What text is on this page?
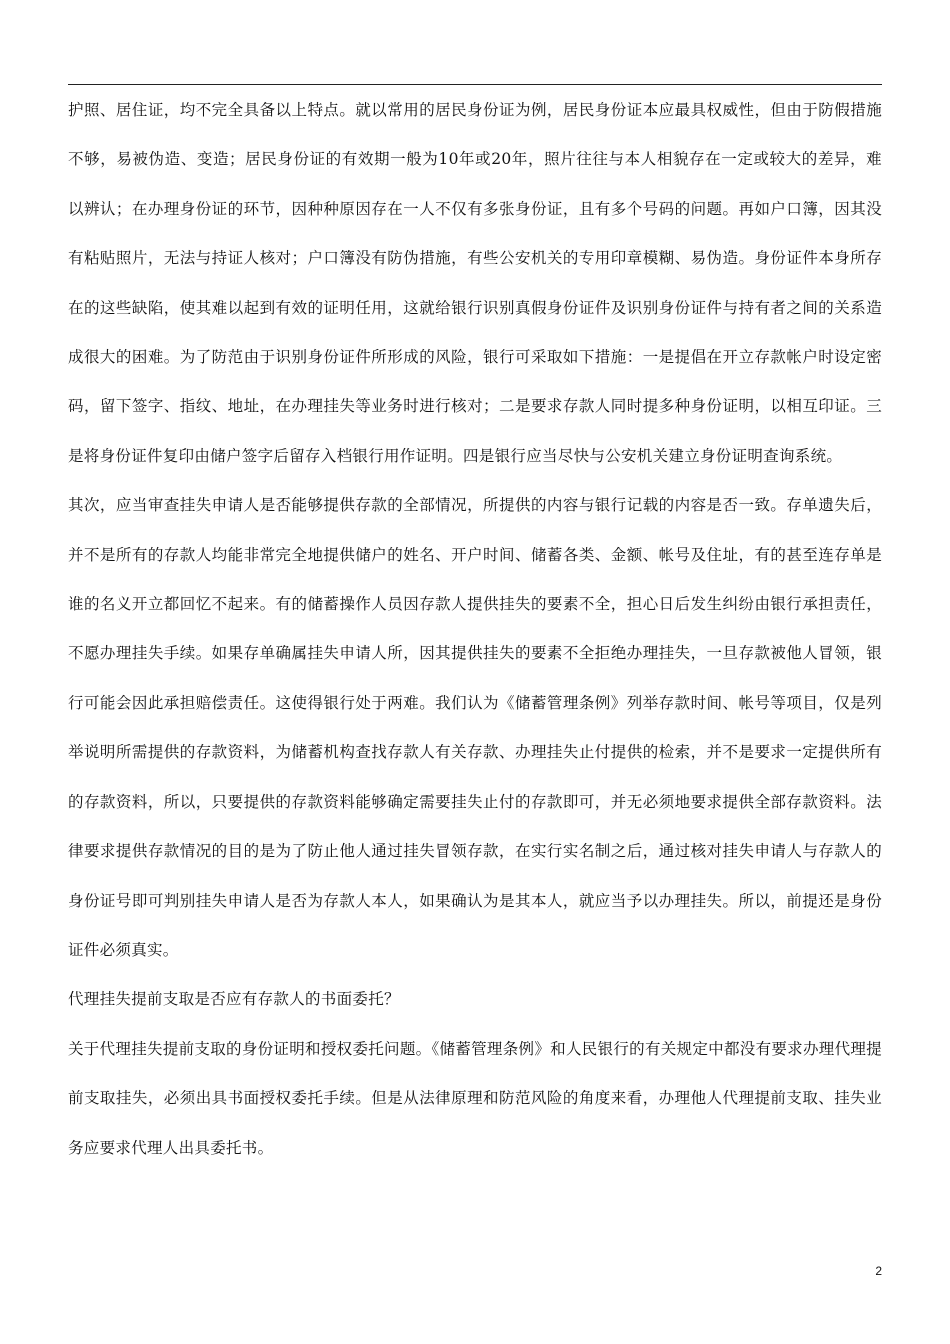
护照、居住证，均不完全具备以上特点。就以常用的居民身份证为例，居民身份证本应最具权威性，但由于防假措施不够，易被伪造、变造；居民身份证的有效期一般为10年或20年，照片往往与本人相貌存在一定或较大的差异，难以辨认；在办理身份证的环节，因种种原因存在一人不仅有多张身份证，且有多个号码的问题。再如户口簿，因其没有粘贴照片，无法与持证人核对；户口簿没有防伪措施，有些公安机关的专用印章模糊、易伪造。身份证件本身所存在的这些缺陷，使其难以起到有效的证明任用，这就给银行识别真假身份证件及识别身份证件与持有者之间的关系造成很大的困难。为了防范由于识别身份证件所形成的风险，银行可采取如下措施：一是提倡在开立存款帐户时设定密码，留下签字、指纹、地址，在办理挂失等业务时进行核对；二是要求存款人同时提多种身份证明，以相互印证。三是将身份证件复印由储户签字后留存入档银行用作证明。四是银行应当尽快与公安机关建立身份证明查询系统。

其次，应当审查挂失申请人是否能够提供存款的全部情况，所提供的内容与银行记载的内容是否一致。存单遗失后，并不是所有的存款人均能非常完全地提供储户的姓名、开户时间、储蓄各类、金额、帐号及住址，有的甚至连存单是谁的名义开立都回忆不起来。有的储蓄操作人员因存款人提供挂失的要素不全，担心日后发生纠纷由银行承担责任，不愿办理挂失手续。如果存单确属挂失申请人所，因其提供挂失的要素不全拒绝办理挂失，一旦存款被他人冒领，银行可能会因此承担赔偿责任。这使得银行处于两难。我们认为《储蓄管理条例》列举存款时间、帐号等项目，仅是列举说明所需提供的存款资料，为储蓄机构查找存款人有关存款、办理挂失止付提供的检索，并不是要求一定提供所有的存款资料，所以，只要提供的存款资料能够确定需要挂失止付的存款即可，并无必须地要求提供全部存款资料。法律要求提供存款情况的目的是为了防止他人通过挂失冒领存款，在实行实名制之后，通过核对挂失申请人与存款人的身份证号即可判别挂失申请人是否为存款人本人，如果确认为是其本人，就应当予以办理挂失。所以，前提还是身份证件必须真实。

代理挂失提前支取是否应有存款人的书面委托？

关于代理挂失提前支取的身份证明和授权委托问题。《储蓄管理条例》和人民银行的有关规定中都没有要求办理代理提前支取挂失，必须出具书面授权委托手续。但是从法律原理和防范风险的角度来看，办理他人代理提前支取、挂失业务应要求代理人出具委托书。

2
